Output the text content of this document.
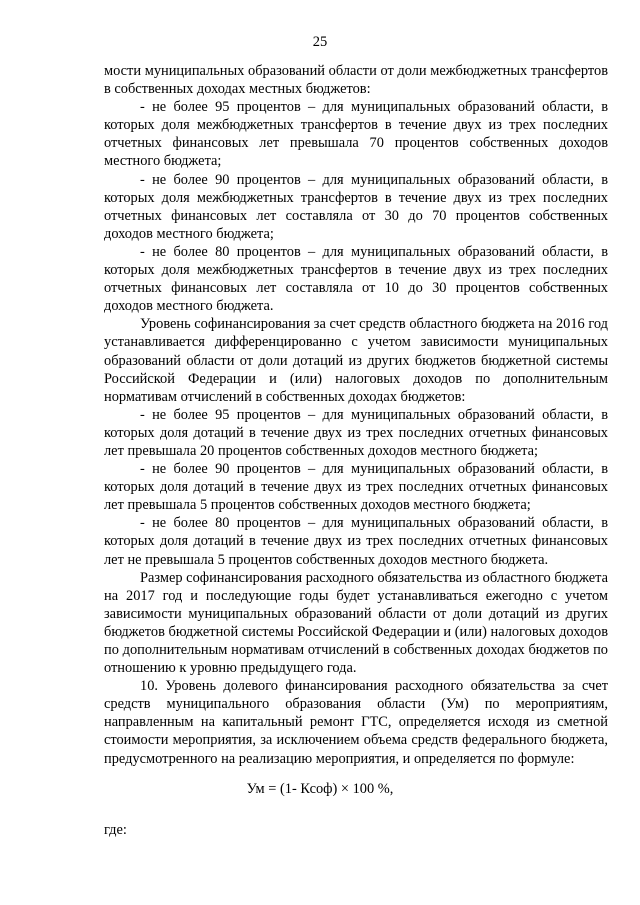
25

мости муниципальных образований области от доли межбюджетных трансфертов в собственных доходах местных бюджетов:

- не более 95 процентов – для муниципальных образований области, в которых доля межбюджетных трансфертов в течение двух из трех последних отчетных финансовых лет превышала 70 процентов собственных доходов местного бюджета;

- не более 90 процентов – для муниципальных образований области, в которых доля межбюджетных трансфертов в течение двух из трех последних отчетных финансовых лет составляла от 30 до 70 процентов собственных доходов местного бюджета;

- не более 80 процентов – для муниципальных образований области, в которых доля межбюджетных трансфертов в течение двух из трех последних отчетных финансовых лет составляла от 10 до 30 процентов собственных доходов местного бюджета.

Уровень софинансирования за счет средств областного бюджета на 2016 год устанавливается дифференцированно с учетом зависимости муниципальных образований области от доли дотаций из других бюджетов бюджетной системы Российской Федерации и (или) налоговых доходов по дополнительным нормативам отчислений в собственных доходах бюджетов:

- не более 95 процентов – для муниципальных образований области, в которых доля дотаций в течение двух из трех последних отчетных финансовых лет превышала 20 процентов собственных доходов местного бюджета;

- не более 90 процентов – для муниципальных образований области, в которых доля дотаций в течение двух из трех последних отчетных финансовых лет превышала 5 процентов собственных доходов местного бюджета;

- не более 80 процентов – для муниципальных образований области, в которых доля дотаций в течение двух из трех последних отчетных финансовых лет не превышала 5 процентов собственных доходов местного бюджета.

Размер софинансирования расходного обязательства из областного бюджета на 2017 год и последующие годы будет устанавливаться ежегодно с учетом зависимости муниципальных образований области от доли дотаций из других бюджетов бюджетной системы Российской Федерации и (или) налоговых доходов по дополнительным нормативам отчислений в собственных доходах бюджетов по отношению к уровню предыдущего года.

10. Уровень долевого финансирования расходного обязательства за счет средств муниципального образования области (Ум) по мероприятиям, направленным на капитальный ремонт ГТС, определяется исходя из сметной стоимости мероприятия, за исключением объема средств федерального бюджета, предусмотренного на реализацию мероприятия, и определяется по формуле:

Ум = (1- Ксоф) × 100 %,
где:
